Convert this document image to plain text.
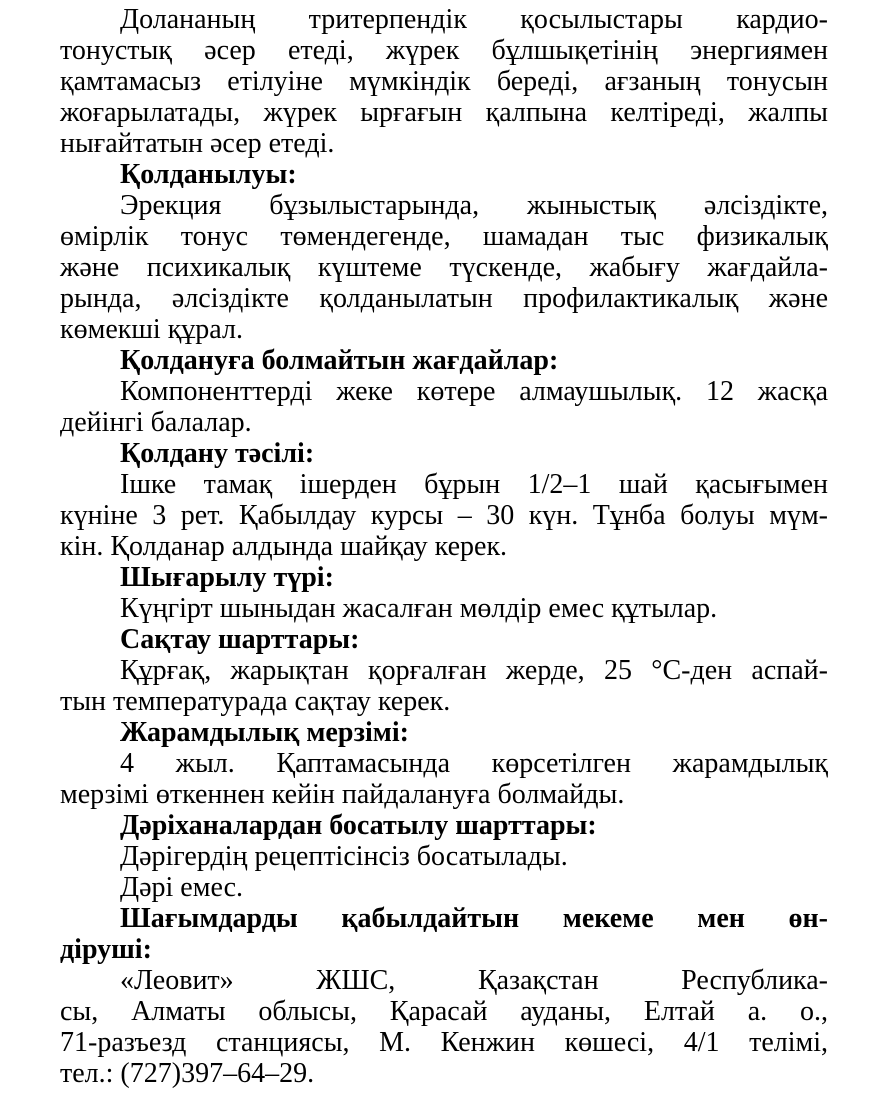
Долананың тритерпендік қосылыстары кардио-
тонустық әсер етеді, жүрек бұлшықетінің энергиямен
қамтамасыз етілуіне мүмкіндік береді, ағзаның тонусын
жоғарылатады, жүрек ырғағын қалпына келтіреді, жалпы
нығайтатын әсер етеді.
Қолданылуы:
Эрекция бұзылыстарында, жыныстық әлсіздікте,
өмірлік тонус төмендегенде, шамадан тыс физикалық
және психикалық күштеме түскенде, жабығу жағдайла-
рында, әлсіздікте қолданылатын профилактикалық және
көмекші құрал.
Қолдануға болмайтын жағдайлар:
Компоненттерді жеке көтере алмаушылық. 12 жасқа
дейінгі балалар.
Қолдану тәсілі:
Ішке тамақ ішерден бұрын 1/2–1 шай қасығымен
күніне 3 рет. Қабылдау курсы – 30 күн. Тұнба болуы мүм-
кін. Қолданар алдында шайқау керек.
Шығарылу түрі:
Күңгірт шыныдан жасалған мөлдір емес құтылар.
Сақтау шарттары:
Құрғақ, жарықтан қорғалған жерде, 25 °С-ден аспай-
тын температурада сақтау керек.
Жарамдылық мерзімі:
4 жыл. Қаптамасында көрсетілген жарамдылық
мерзімі өткеннен кейін пайдалануға болмайды.
Дәріханалардан босатылу шарттары:
Дәрігердің рецептісінсіз босатылады.
Дәрі емес.
Шағымдарды қабылдайтын мекеме мен өн-
діруші:
«Леовит» ЖШС, Қазақстан Республика-
сы, Алматы облысы, Қарасай ауданы, Елтай а. о.,
71-разъезд станциясы, М. Кенжин көшесі, 4/1 телімі,
тел.: (727)397–64–29.
